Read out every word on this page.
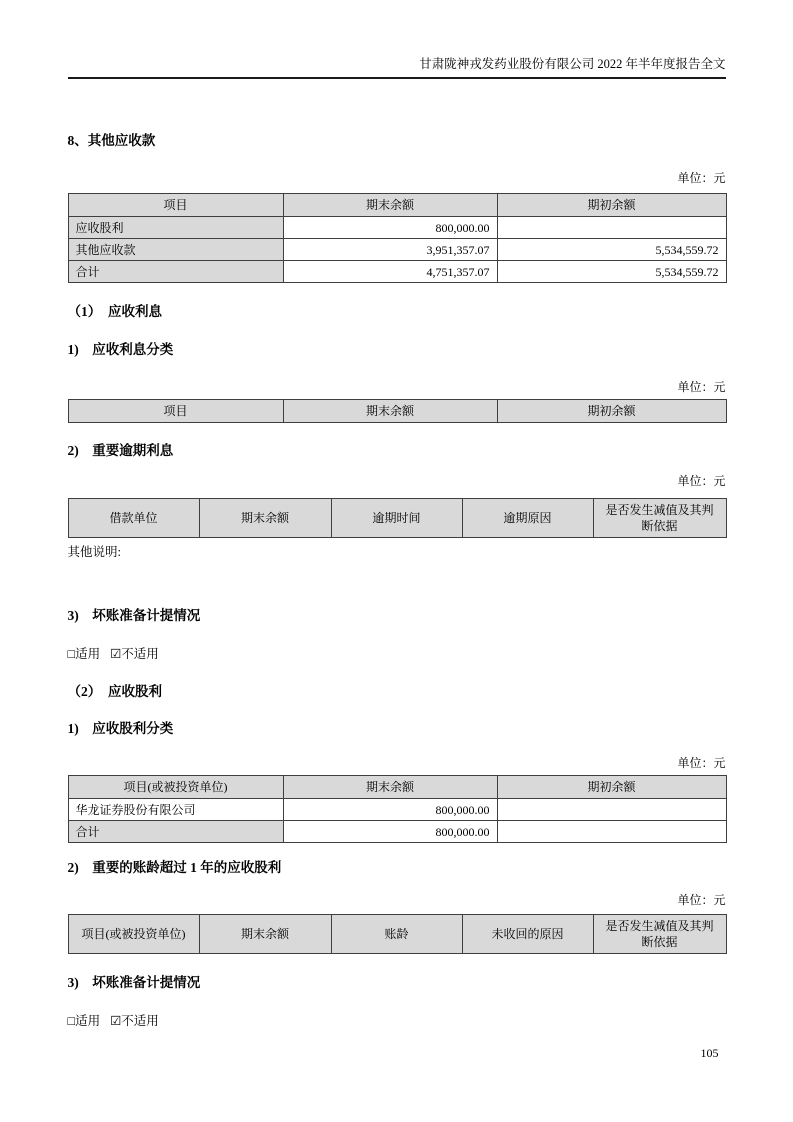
甘肃陇神戎发药业股份有限公司 2022 年半年度报告全文
8、其他应收款
单位：元
项目	期末余额	期初余额
应收股利	800,000.00	
其他应收款	3,951,357.07	5,534,559.72
合计	4,751,357.07	5,534,559.72
（1）　应收利息
1)　应收利息分类
单位：元
项目	期末余额	期初余额
2)　重要逾期利息
单位：元
借款单位	期末余额	逾期时间	逾期原因	是否发生减值及其判断依据
其他说明:
3)　坏账准备计提情况
□适用 ☑不适用
（2）　应收股利
1)　应收股利分类
单位：元
项目(或被投资单位)	期末余额	期初余额
华龙证券股份有限公司	800,000.00	
合计	800,000.00	
2)　重要的账龄超过 1 年的应收股利
单位：元
项目(或被投资单位)	期末余额	账龄	未收回的原因	是否发生减值及其判断依据
3)　坏账准备计提情况
□适用 ☑不适用
105
